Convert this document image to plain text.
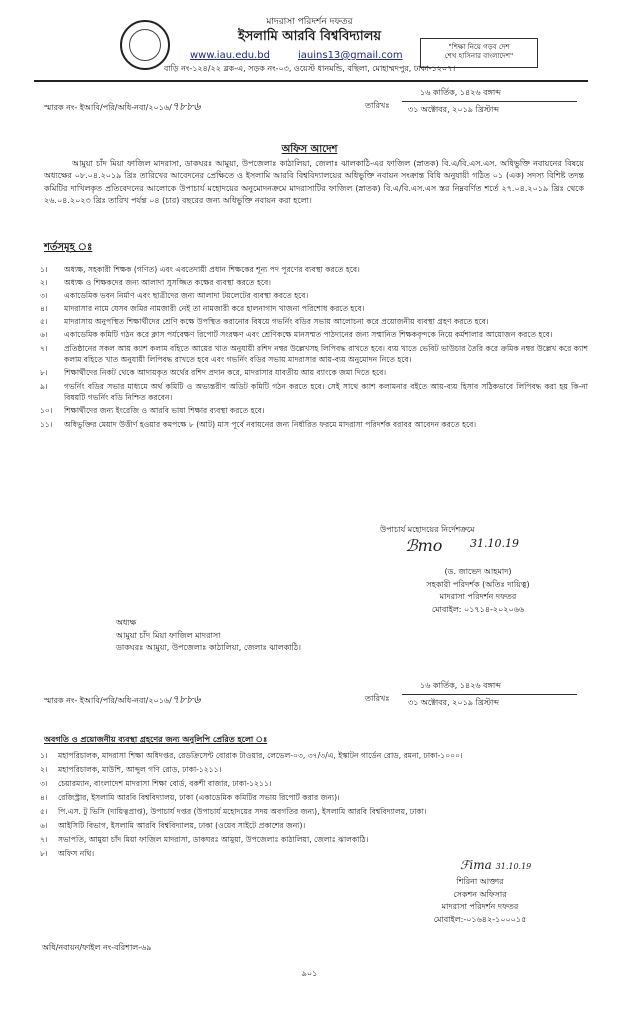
মাদরাসা পরিদর্শন দফতর
ইসলামি আরবি বিশ্ববিদ্যালয়
www.iau.edu.bd	iauins13@gmail.com
বাড়ি নং-১২৪/২২ ব্লক-এ, সড়ক নং-০৩, ওয়েস্ট ধানমন্ডি, বছিলা, মোহাম্মদপুর, ঢাকা-১২০৭।
"শিক্ষা নিয়ে গড়ব দেশ
শেখ হাসিনার বাংলাদেশ"
স্মারক নং- ইআবি/পরি/অধি-নবা/২০১৬/৭৮৮৬	তারিখঃ
১৬ কার্তিক, ১৪২৬ বঙ্গাব্দ
৩১ অক্টোবর, ২০১৯ খ্রিস্টাব্দ
অফিস আদেশ
আমুয়া চাঁদ মিয়া ফাজিল মাদরাসা, ডাকঘরঃ আমুয়া, উপজেলাঃ কাঠালিয়া, জেলাঃ ঝালকাঠি-এর ফাজিল (স্নাতক) বি.এ/বি.এস.এস. অধিভুক্তি নবায়নের বিষয়ে অধ্যক্ষের ০৮.০৪.২০১৯ খ্রিঃ তারিখের আবেদনের প্রেক্ষিতে ও ইসলামি আরবি বিশ্ববিদ্যালয়ের অধিভুক্তি নবায়ন সংক্রান্ত বিধি অনুযায়ী গঠিত ০১ (এক) সদস্য বিশিষ্ট তদন্ত কমিটির দাখিলকৃত প্রতিবেদনের আলোকে উপাচার্য মহোদয়ের অনুমোদনক্রমে মাদরাসাটির ফাজিল (স্নাতক) বি.এ/বি.এস.এস স্তর নিম্নবর্ণিত শর্তে ২৭.০৪.২০১৯ খ্রিঃ থেকে ২৬.০৪.২০২৩ খ্রিঃ তারিখ পর্যন্ত ০৪ (চার) বছরের জন্য অধিভুক্তি নবায়ন করা হলো।
শর্তসমূহ ঃ
১। অধ্যক্ষ, সহকারী শিক্ষক (গণিত) এবং এবতেদায়ী প্রধান শিক্ষকের শূন্য পদ পূরণের ব্যবস্থা করতে হবে।
২। অধ্যক্ষ ও শিক্ষকদের জন্য আলাদা সুসজ্জিত কক্ষের ব্যবস্থা করতে হবে।
৩। একাডেমিক ভবন নির্মাণ এবং ছাত্রীদের জন্য আলাদা টয়লেটের ব্যবস্থা করতে হবে।
৪। মাদরাসার নামে যেসব জমির নামজারী নেই তা নামজারী করে হালনাগাদ খাজনা পরিশোধ করতে হবে।
৫। মাদরাসায় অনুপস্থিত শিক্ষার্থীদের শ্রেণি কক্ষে উপস্থিত করানোর বিষয়ে গভর্নিং বডির সভায় আলোচনা করে প্রয়োজনীয় ব্যবস্থা গ্রহণ করতে হবে।
৬। একাডেমিক কমিটি গঠন করে ক্লাস পর্যবেক্ষণ রিপোর্ট সংরক্ষণ এবং শ্রেণিকক্ষে মানসম্মত পাঠদানের জন্য সম্মানিত শিক্ষকবৃন্দকে নিয়ে কর্মশালার আয়োজন করতে হবে।
৭। প্রতিষ্ঠানের সকল আয় ক্যাশ কলাম বহিতে আয়ের খাত অনুযায়ী রশিদ নম্বর উল্লেখসহ লিপিবদ্ধ রাখতে হবে। ব্যয় খাতে ভেবিট ভাউচার তৈরি করে ক্রমিক নম্বর উল্লেখ করে ক্যাশ কলাম বহিতে খাত অনুযায়ী লিপিবদ্ধ রাখতে হবে এবং গভর্নিং বডির সভায় মাদরাসার আয়-ব্যয় অনুমোদন নিতে হবে।
৮। শিক্ষার্থীদের নিকট থেকে আদায়কৃত অর্থের রশিদ প্রদান করে, মাদরাসার যাবতীয় আয় ব্যাংকে জমা দিতে হবে।
৯। গভর্নিং বডির সভার মাধ্যমে অর্থ কমিটি ও অভ্যন্তরীণ অডিট কমিটি গঠন করতে হবে। সেই সাথে ক্যাশ কলামনার বইতে আয়-ব্যয় হিসাব সঠিকভাবে লিপিবদ্ধ করা হয় কি-না বিষয়টি গভর্নিং বডি নিশ্চিত করবেন।
১০। শিক্ষার্থীদের জন্য ইংরেজি ও আরবি ভাষা শিক্ষার ব্যবস্থা করতে হবে।
১১। অধিভুক্তির মেয়াদ উত্তীর্ণ হওয়ার কমপক্ষে ৮ (আট) মাস পূর্বে নবায়নের জন্য নির্ধারিত ফরমে মাদরাসা পরিদর্শক বরাবর আবেদন করতে হবে।
উপাচার্য মহোদয়ের নির্দেশক্রমে
ℬmo	31.10.19
(ড. জাভেদ আহমাদ)
সহকারী পরিদর্শক (অতিঃ দায়িত্ব)
মাদরাসা পরিদর্শন দফতর
মোবাইল: ০১৭১৪-২০২০৬৬
অধ্যক্ষ
আমুয়া চাঁদ মিয়া ফাজিল মাদরাসা
ডাকঘরঃ আমুয়া, উপজেলাঃ কাঠালিয়া, জেলাঃ ঝালকাঠি।
স্মারক নং- ইআবি/পরি/অধি-নবা/২০১৬/৭৮৮৬	তারিখঃ
১৬ কার্তিক, ১৪২৬ বঙ্গাব্দ
৩১ অক্টোবর, ২০১৯ খ্রিস্টাব্দ
অবগতি ও প্রয়োজনীয় ব্যবস্থা গ্রহণের জন্য অনুলিপি প্রেরিত হলো ঃ
১। মহাপরিচালক, মাদরাসা শিক্ষা অধিদপ্তর, রেডক্রিসেন্ট বোরাক টাওয়ার, লেভেল-০৩, ৩৭/৩/এ, ইস্কাটন গার্ডেন রোড, রমনা, ঢাকা-১০০০।
২। মহাপরিচালক, মাউশি, আব্দুল গণি রোড, ঢাকা-১২১১।
৩। চেয়ারম্যান, বাংলাদেশ মাদরাসা শিক্ষা বোর্ড, বকশী বাজার, ঢাকা-১২১১।
৪। রেজিস্ট্রার, ইসলামি আরবি বিশ্ববিদ্যালয়, ঢাকা (একাডেমিক কমিটির সভায় রিপোর্ট করার জন্য)।
৫। পি.এস. টু ভিসি (দায়িত্বপ্রাপ্ত), উপাচার্য দপ্তর (উপাচার্য মহোদয়ের সদয় অবগতির জন্য), ইসলামি আরবি বিশ্ববিদ্যালয়, ঢাকা।
৬। আইসিটি বিভাগ, ইসলামি আরবি বিশ্ববিদ্যালয়, ঢাকা (ওয়েব সাইটে প্রকাশের জন্য)।
৭। সভাপতি, আমুয়া চাঁদ মিয়া ফাজিল মাদরাসা, ডাকঘরঃ আমুয়া, উপজেলাঃ কাঠালিয়া, জেলাঃ ঝালকাঠি।
৮। অফিস নথি।
ℱima 31.10.19
শিরিনা আক্তার
সেকশন অফিসার
মাদরাসা পরিদর্শন দফতর
মোবাইল:-০১৬৪২-১০০০১৫
অধি/নবায়ন/ফাইল নং-বরিশাল-৬৯
৯০১
